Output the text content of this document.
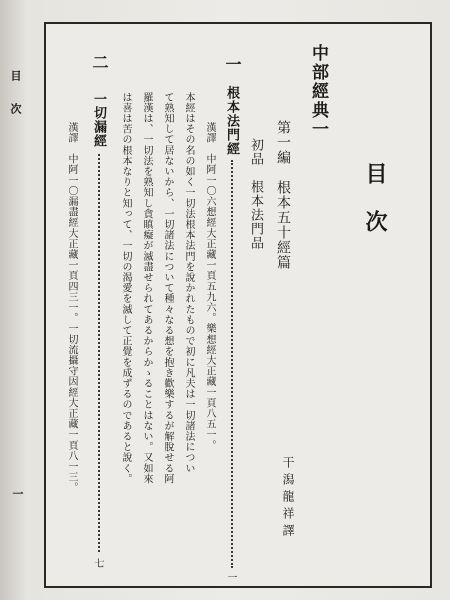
目次
一
目次
中部經典一
第一編　根本五十經篇
初品　根本法門品
干潟龍祥譯
一
根本法門經
一
漢譯　中阿一〇六想經大正藏一頁五九六。樂想經大正藏一頁八五一。
本經はその名の如く一切法根本法門を說かれたもので初に凡夫は一切諸法につい
て熟知して居ないから、一切諸法について種々なる想を抱き歡樂するが解脫せる阿
羅漢は、一切法を熟知し貪瞋癡が滅盡せられてあるからかゝることはない。又如來
は喜は苦の根本なりと知って、一切の渴愛を滅して正覺を成ずるのであると說く。
二
一切漏經
七
漢譯　中阿一〇漏盡經大正藏一頁四三一。一切流攝守因經大正藏一頁八一三。
